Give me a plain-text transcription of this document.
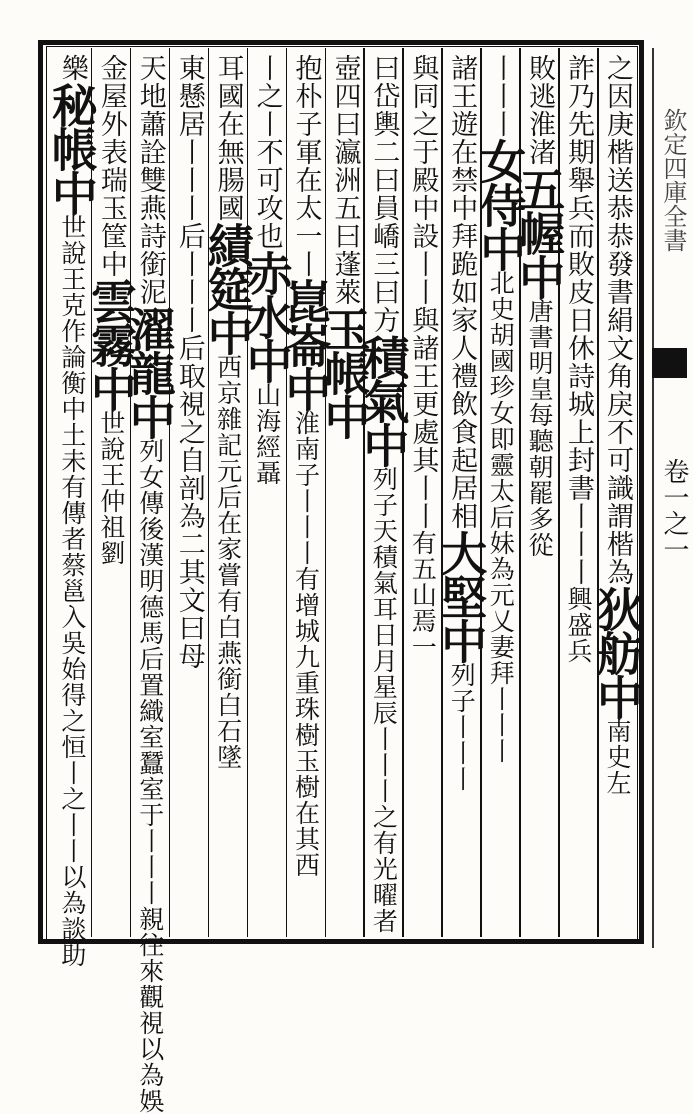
之因庚楷送恭恭發書絹文角戾不可識謂楷為狄舫中南史左
詐乃先期舉兵而敗皮日休詩城上封書丨丨丨興盛兵
敗逃淮渚五幄中唐書明皇每聽朝罷多從
丨丨丨女侍中北史胡國珍女即靈太后妹為元乂妻拜丨丨丨
諸王遊在禁中拜跪如家人禮飲食起居相大堅中列子丨丨丨
與同之于殿中設丨丨與諸王更處其丨丨有五山焉一
曰岱輿二曰員嶠三曰方積氣中列子天積氣耳日月星辰丨丨丨之有光曜者
壺四曰瀛洲五曰蓬萊玉帳中
抱朴子軍在太一丨崑崙中淮南子丨丨丨有增城九重珠樹玉樹在其西
丨之丨不可攻也赤水中山海經聶
耳國在無腸國績筵中西京雜記元后在家嘗有白燕銜白石墜
東懸居丨丨丨后丨丨丨后取視之自剖為二其文曰母
天地蕭詮雙燕詩銜泥濯龍中列女傳後漢明德馬后置織室蠶室于丨丨丨親往來觀視以為娛
金屋外表瑞玉筐中雲霧中世說王仲祖劉
樂秘帳中世說王克作論衡中土未有傳者蔡邕入吳始得之恒丨之丨丨以為談助
欽定四庫全書
卷一之一
